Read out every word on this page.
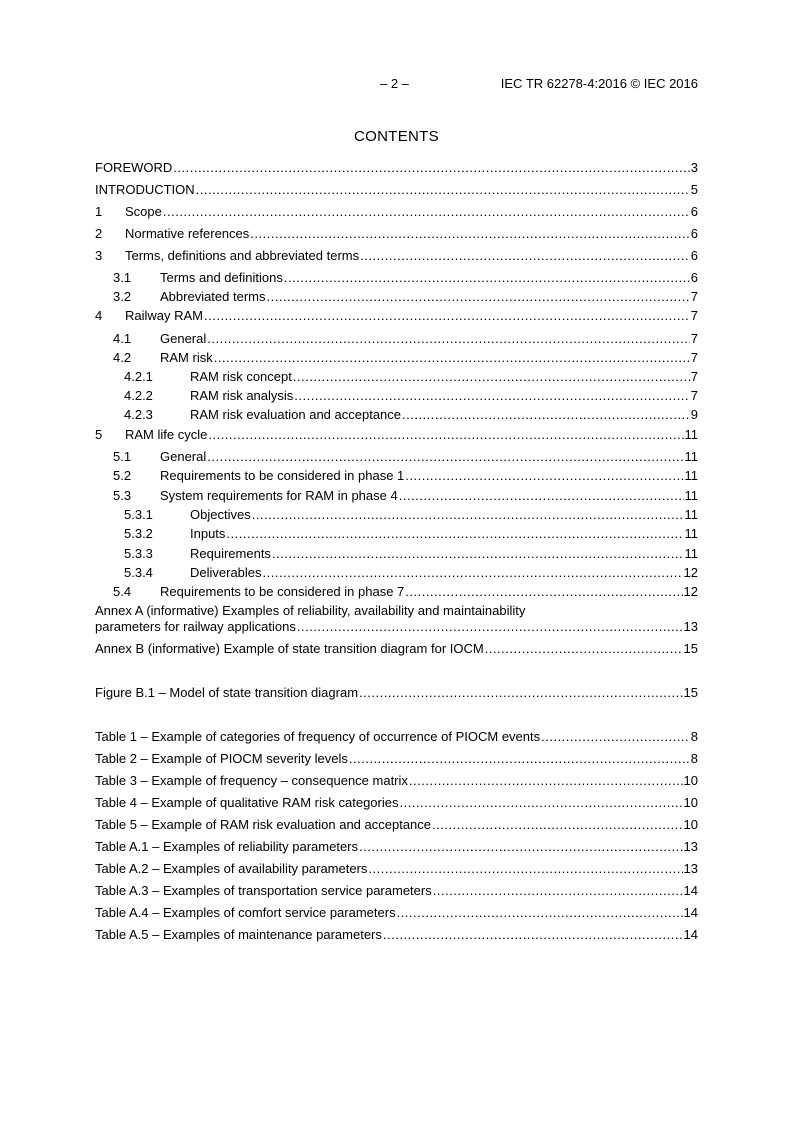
– 2 –	IEC TR 62278-4:2016 © IEC 2016
CONTENTS
FOREWORD .....	3
INTRODUCTION .....	5
1	Scope .....	6
2	Normative references .....	6
3	Terms, definitions and abbreviated terms .....	6
3.1	Terms and definitions .....	6
3.2	Abbreviated terms .....	7
4	Railway RAM .....	7
4.1	General .....	7
4.2	RAM risk .....	7
4.2.1	RAM risk concept .....	7
4.2.2	RAM risk analysis .....	7
4.2.3	RAM risk evaluation and acceptance .....	9
5	RAM life cycle .....	11
5.1	General .....	11
5.2	Requirements to be considered in phase 1 .....	11
5.3	System requirements for RAM in phase 4 .....	11
5.3.1	Objectives .....	11
5.3.2	Inputs .....	11
5.3.3	Requirements .....	11
5.3.4	Deliverables .....	12
5.4	Requirements to be considered in phase 7 .....	12
Annex A (informative) Examples of reliability, availability and maintainability
parameters for railway applications .....	13
Annex B (informative) Example of state transition diagram for IOCM .....	15
Figure B.1 – Model of state transition diagram .....	15
Table 1 – Example of categories of frequency of occurrence of PIOCM events .....	8
Table 2 – Example of PIOCM severity levels .....	8
Table 3 – Example of frequency – consequence matrix .....	10
Table 4 – Example of qualitative RAM risk categories .....	10
Table 5 – Example of RAM risk evaluation and acceptance .....	10
Table A.1 – Examples of reliability parameters .....	13
Table A.2 – Examples of availability parameters .....	13
Table A.3 – Examples of transportation service parameters .....	14
Table A.4 – Examples of comfort service parameters .....	14
Table A.5 – Examples of maintenance parameters .....	14
